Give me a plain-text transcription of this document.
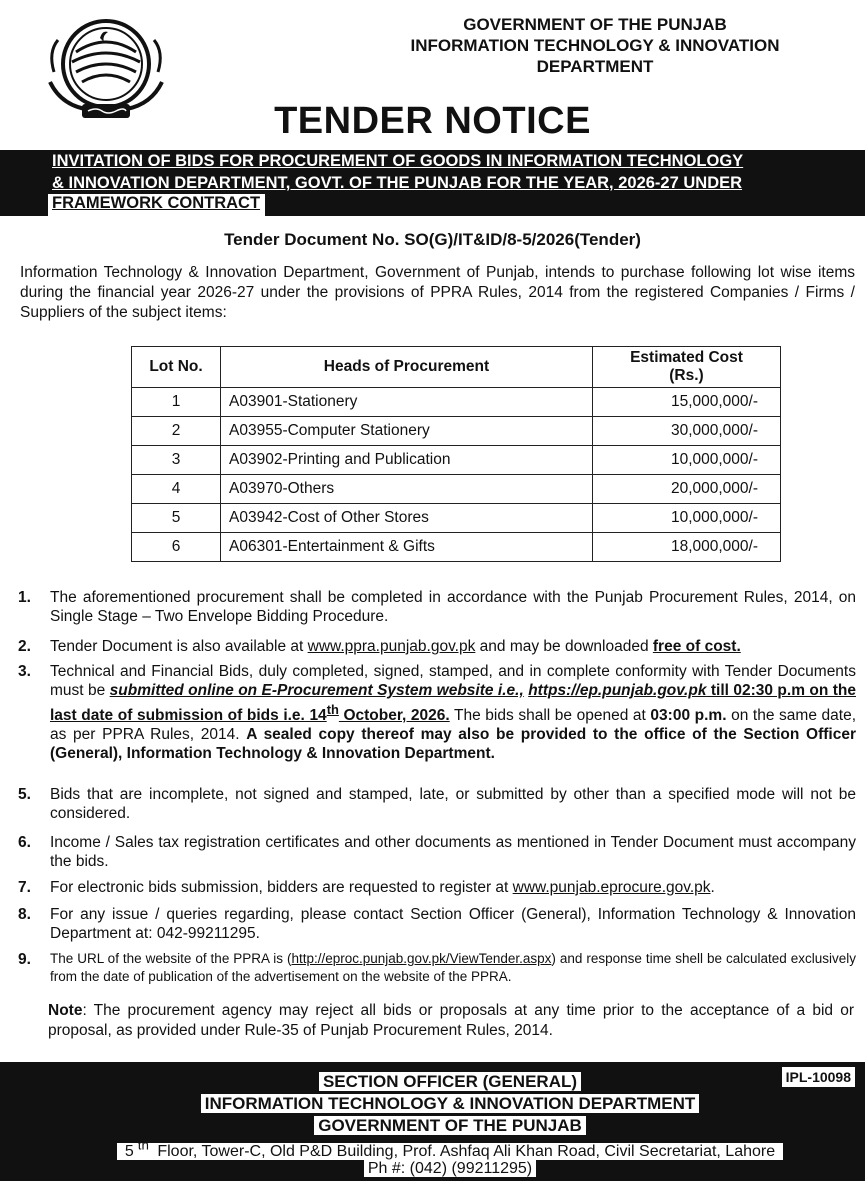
GOVERNMENT OF THE PUNJAB
INFORMATION TECHNOLOGY & INNOVATION
DEPARTMENT
TENDER NOTICE
INVITATION OF BIDS FOR PROCUREMENT OF GOODS IN INFORMATION TECHNOLOGY
& INNOVATION DEPARTMENT, GOVT. OF THE PUNJAB FOR THE YEAR, 2026-27 UNDER
FRAMEWORK CONTRACT
Tender Document No. SO(G)/IT&ID/8-5/2026(Tender)
Information Technology & Innovation Department, Government of Punjab, intends to purchase following lot wise items during the financial year 2026-27 under the provisions of PPRA Rules, 2014 from the registered Companies / Firms / Suppliers of the subject items:
Lot No.	Heads of Procurement	Estimated Cost (Rs.)
1	A03901-Stationery	15,000,000/-
2	A03955-Computer Stationery	30,000,000/-
3	A03902-Printing and Publication	10,000,000/-
4	A03970-Others	20,000,000/-
5	A03942-Cost of Other Stores	10,000,000/-
6	A06301-Entertainment & Gifts	18,000,000/-
1.	The aforementioned procurement shall be completed in accordance with the Punjab Procurement Rules, 2014, on Single Stage – Two Envelope Bidding Procedure.
2.	Tender Document is also available at www.ppra.punjab.gov.pk and may be downloaded free of cost.
3.	Technical and Financial Bids, duly completed, signed, stamped, and in complete conformity with Tender Documents must be submitted online on E-Procurement System website i.e., https://ep.punjab.gov.pk till 02:30 p.m on the last date of submission of bids i.e. 14th October, 2026. The bids shall be opened at 03:00 p.m. on the same date, as per PPRA Rules, 2014. A sealed copy thereof may also be provided to the office of the Section Officer (General), Information Technology & Innovation Department.
5.	Bids that are incomplete, not signed and stamped, late, or submitted by other than a specified mode will not be considered.
6.	Income / Sales tax registration certificates and other documents as mentioned in Tender Document must accompany the bids.
7.	For electronic bids submission, bidders are requested to register at www.punjab.eprocure.gov.pk.
8.	For any issue / queries regarding, please contact Section Officer (General), Information Technology & Innovation Department at: 042-99211295.
9.	The URL of the website of the PPRA is (http://eproc.punjab.gov.pk/ViewTender.aspx) and response time shell be calculated exclusively from the date of publication of the advertisement on the website of the PPRA.
Note: The procurement agency may reject all bids or proposals at any time prior to the acceptance of a bid or proposal, as provided under Rule-35 of Punjab Procurement Rules, 2014.
IPL-10098
SECTION OFFICER (GENERAL)
INFORMATION TECHNOLOGY & INNOVATION DEPARTMENT
GOVERNMENT OF THE PUNJAB
5 $^{th}$ Floor, Tower-C, Old P&D Building, Prof. Ashfaq Ali Khan Road, Civil Secretariat, Lahore
Ph #: (042) (99211295)
